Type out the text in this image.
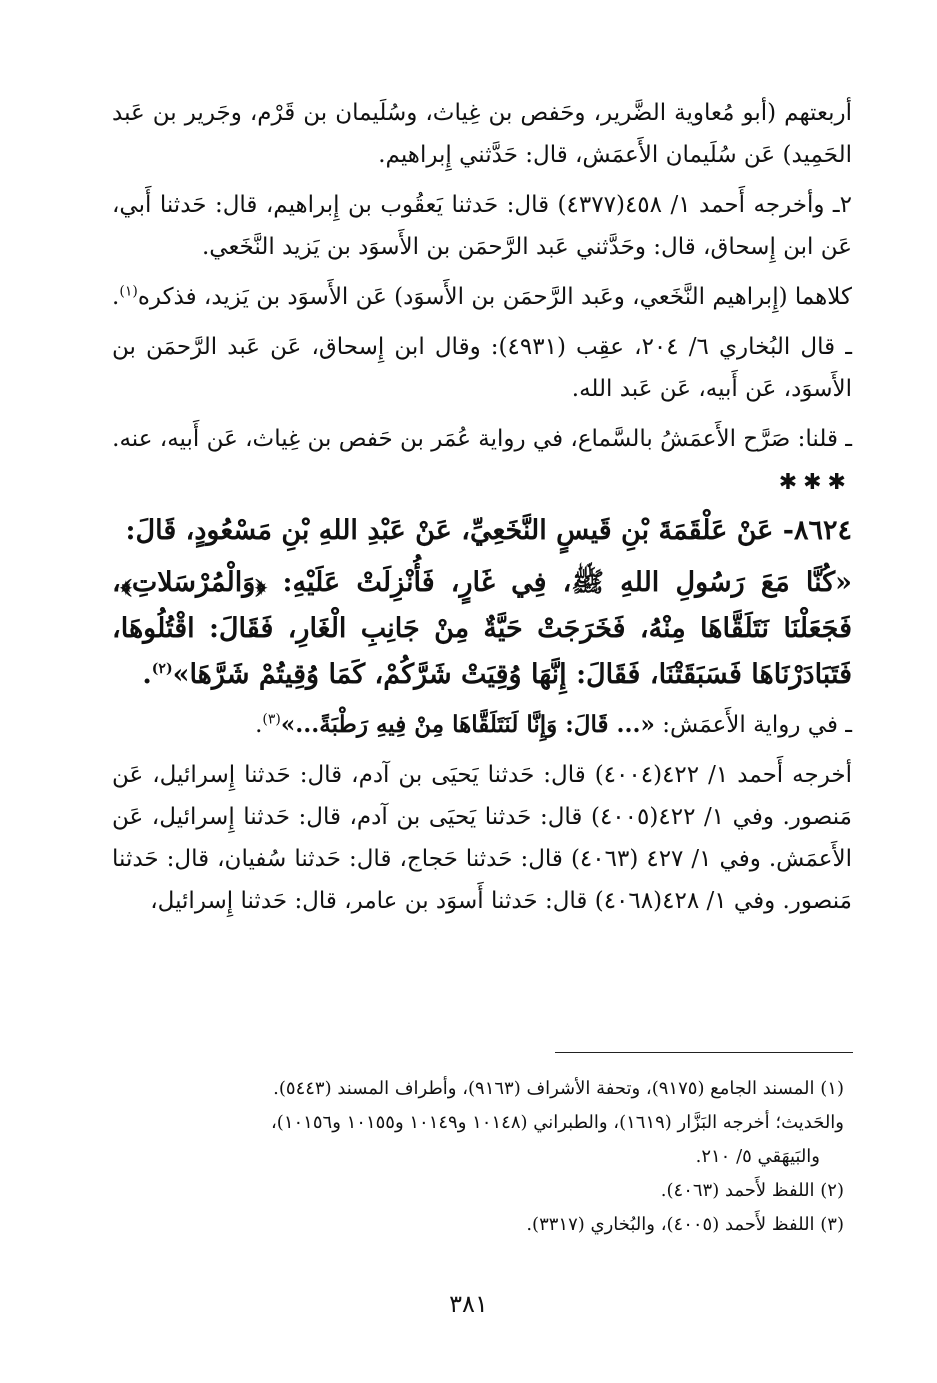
أربعتهم (أبو مُعاوية الضَّرير، وحَفص بن غِياث، وسُلَيمان بن قَرْم، وجَرير بن عَبد الحَمِيد) عَن سُلَيمان الأَعمَش، قال: حَدَّثني إِبراهيم.

٢ـ وأخرجه أَحمد ١/ ٤٥٨(٤٣٧٧) قال: حَدثنا يَعقُوب بن إِبراهيم، قال: حَدثنا أَبي، عَن ابن إِسحاق، قال: وحَدَّثني عَبد الرَّحمَن بن الأَسوَد بن يَزيد النَّخَعي.

كلاهما (إِبراهيم النَّخَعي، وعَبد الرَّحمَن بن الأَسوَد) عَن الأَسوَد بن يَزيد، فذكره$^{(١)}$.

ـ قال البُخاري ٦/ ٢٠٤، عقِب (٤٩٣١): وقال ابن إِسحاق، عَن عَبد الرَّحمَن بن الأَسوَد، عَن أَبيه، عَن عَبد الله.

ـ قلنا: صَرَّح الأَعمَشُ بالسَّماع، في رواية عُمَر بن حَفص بن غِياث، عَن أَبيه، عنه.

✱✱✱

٨٦٢٤- عَنْ عَلْقَمَةَ بْنِ قَيسٍ النَّخَعِيِّ، عَنْ عَبْدِ اللهِ بْنِ مَسْعُودٍ، قَالَ:

«كُنَّا مَعَ رَسُولِ اللهِ ﷺ، فِي غَارٍ، فَأُنْزِلَتْ عَلَيْهِ: ﴿وَالْمُرْسَلاتِ﴾، فَجَعَلْنَا نَتَلَقَّاهَا مِنْهُ، فَخَرَجَتْ حَيَّةٌ مِنْ جَانِبِ الْغَارِ، فَقَالَ: اقْتُلُوهَا، فَتَبَادَرْنَاهَا فَسَبَقَتْنَا، فَقَالَ: إِنَّهَا وُقِيَتْ شَرَّكُمْ، كَمَا وُقِيتُمْ شَرَّهَا»$^{(٢)}$.

ـ في رواية الأَعمَش: «... قَالَ: وَإِنَّا لَنَتَلَقَّاهَا مِنْ فِيهِ رَطْبَةً...»$^{(٣)}$.

أخرجه أَحمد ١/ ٤٢٢(٤٠٠٤) قال: حَدثنا يَحيَى بن آدم، قال: حَدثنا إِسرائيل، عَن مَنصور. وفي ١/ ٤٢٢(٤٠٠٥) قال: حَدثنا يَحيَى بن آدم، قال: حَدثنا إِسرائيل، عَن الأَعمَش. وفي ١/ ٤٢٧ (٤٠٦٣) قال: حَدثنا حَجاج، قال: حَدثنا سُفيان، قال: حَدثنا مَنصور. وفي ١/ ٤٢٨(٤٠٦٨) قال: حَدثنا أَسوَد بن عامر، قال: حَدثنا إِسرائيل،

(١) المسند الجامع (٩١٧٥)، وتحفة الأشراف (٩١٦٣)، وأطراف المسند (٥٤٤٣).

والحَديث؛ أخرجه البَزَّار (١٦١٩)، والطبراني (١٠١٤٨ و١٠١٤٩ و١٠١٥٥ و١٠١٥٦)،

والبَيهَقي ٥/ ٢١٠.

(٢) اللفظ لأَحمد (٤٠٦٣).

(٣) اللفظ لأَحمد (٤٠٠٥)، والبُخاري (٣٣١٧).

٣٨١
